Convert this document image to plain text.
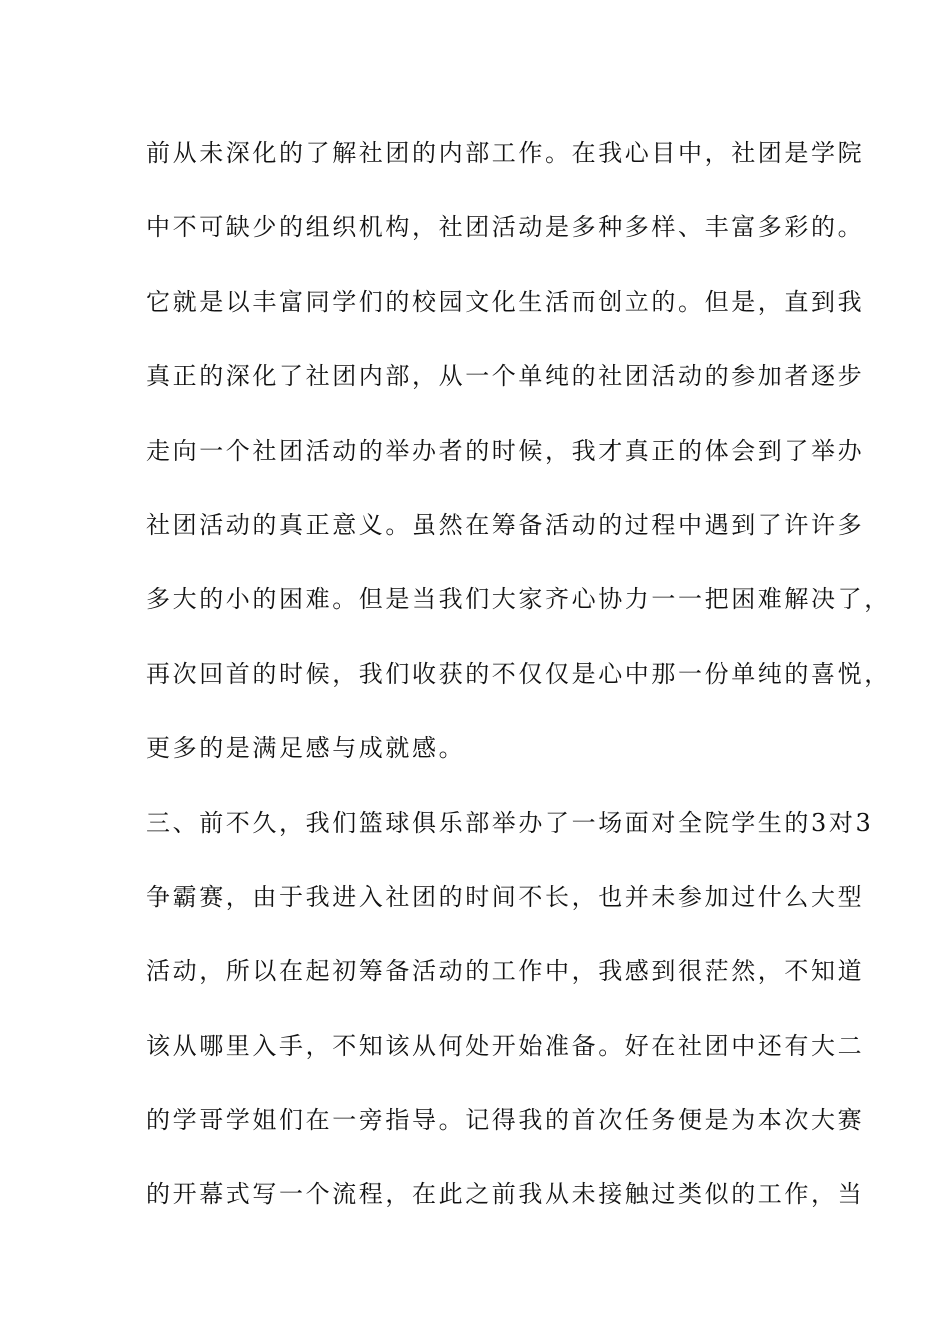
前从未深化的了解社团的内部工作。在我心目中，社团是学院
中不可缺少的组织机构，社团活动是多种多样、丰富多彩的。
它就是以丰富同学们的校园文化生活而创立的。但是，直到我
真正的深化了社团内部，从一个单纯的社团活动的参加者逐步
走向一个社团活动的举办者的时候，我才真正的体会到了举办
社团活动的真正意义。虽然在筹备活动的过程中遇到了许许多
多大的小的困难。但是当我们大家齐心协力一一把困难解决了，
再次回首的时候，我们收获的不仅仅是心中那一份单纯的喜悦，
更多的是满足感与成就感。
三、前不久，我们篮球俱乐部举办了一场面对全院学生的3对3
争霸赛，由于我进入社团的时间不长，也并未参加过什么大型
活动，所以在起初筹备活动的工作中，我感到很茫然，不知道
该从哪里入手，不知该从何处开始准备。好在社团中还有大二
的学哥学姐们在一旁指导。记得我的首次任务便是为本次大赛
的开幕式写一个流程，在此之前我从未接触过类似的工作，当
